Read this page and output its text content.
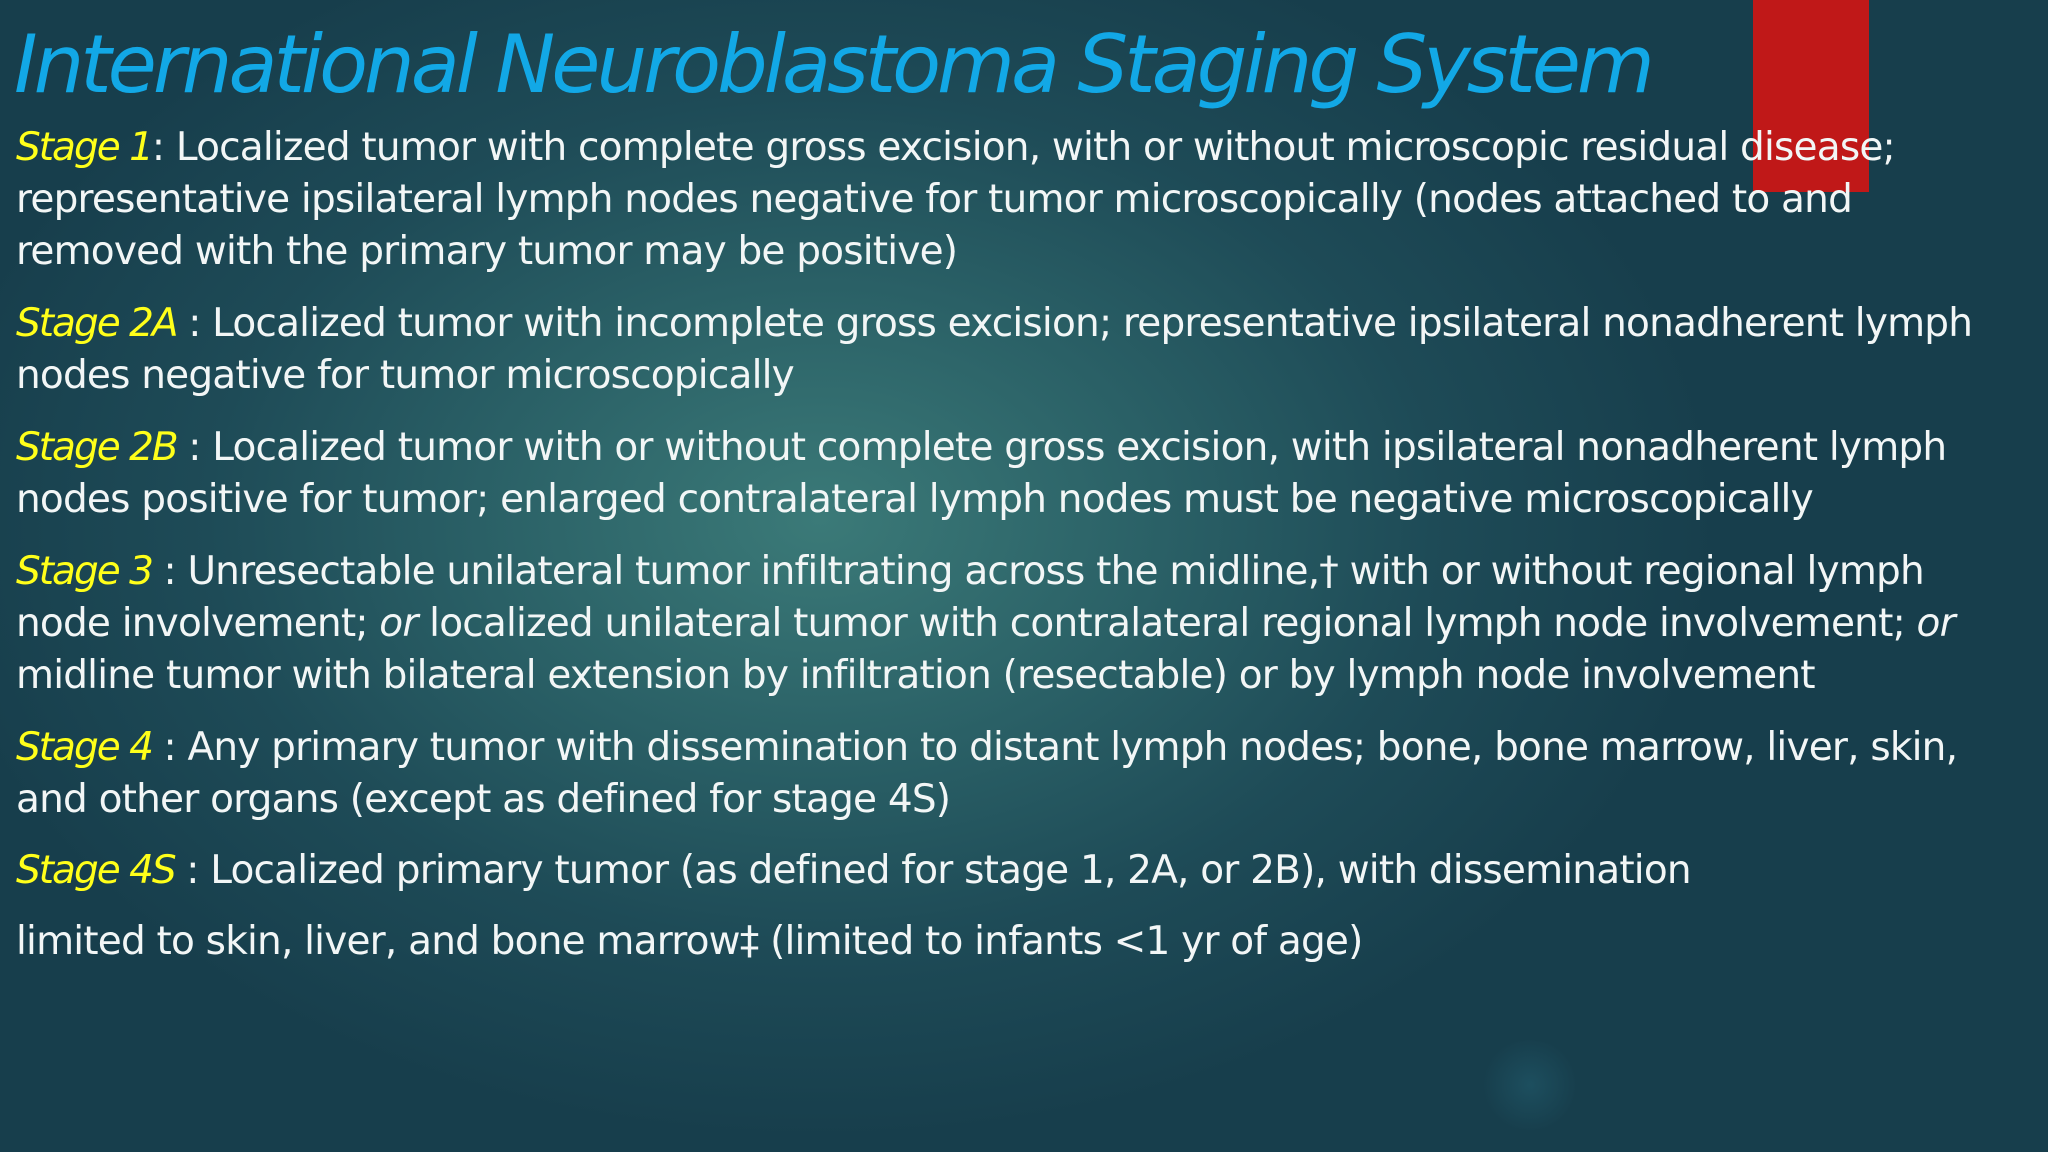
International Neuroblastoma Staging System

Stage 1: Localized tumor with complete gross excision, with or without microscopic residual disease; representative ipsilateral lymph nodes negative for tumor microscopically (nodes attached to and removed with the primary tumor may be positive)

Stage 2A : Localized tumor with incomplete gross excision; representative ipsilateral nonadherent lymph nodes negative for tumor microscopically

Stage 2B : Localized tumor with or without complete gross excision, with ipsilateral nonadherent lymph nodes positive for tumor; enlarged contralateral lymph nodes must be negative microscopically

Stage 3 : Unresectable unilateral tumor infiltrating across the midline,† with or without regional lymph node involvement; or localized unilateral tumor with contralateral regional lymph node involvement; or midline tumor with bilateral extension by infiltration (resectable) or by lymph node involvement

Stage 4 : Any primary tumor with dissemination to distant lymph nodes; bone, bone marrow, liver, skin, and other organs (except as defined for stage 4S)

Stage 4S : Localized primary tumor (as defined for stage 1, 2A, or 2B), with dissemination

limited to skin, liver, and bone marrow‡ (limited to infants <1 yr of age)
